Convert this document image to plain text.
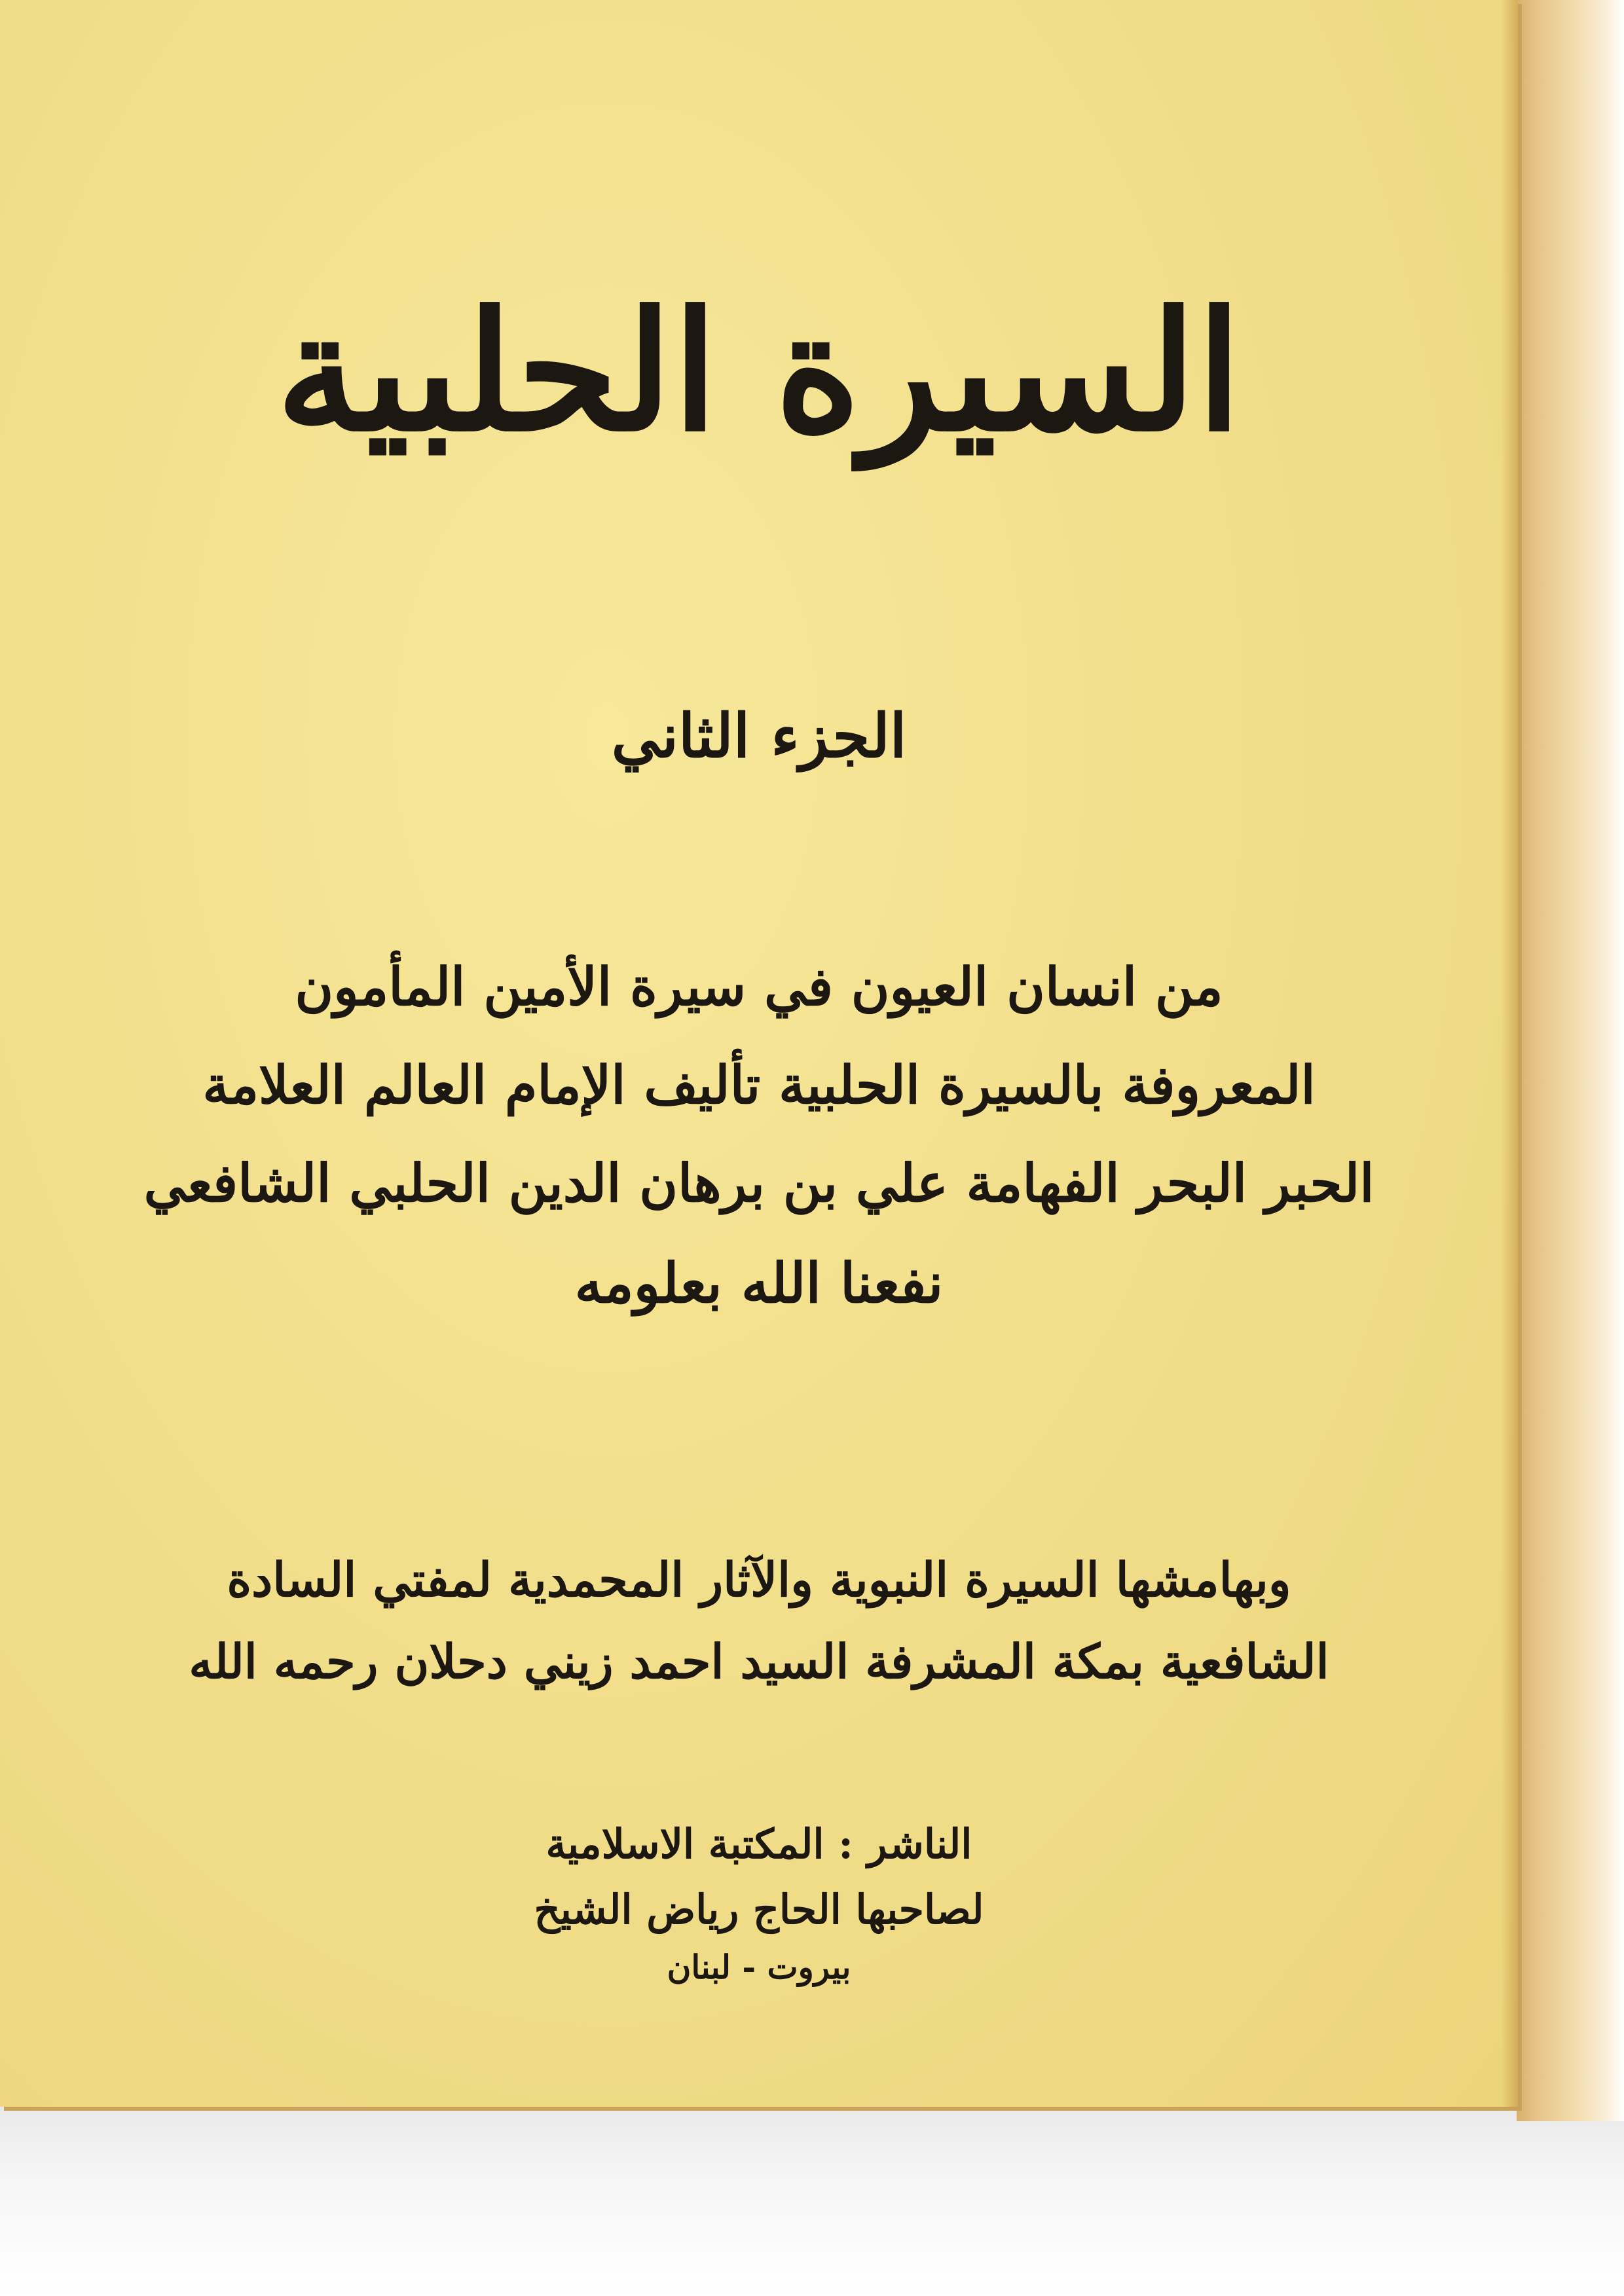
السيرة الحلبية
الجزء الثاني
من انسان العيون في سيرة الأمين المأمون
المعروفة بالسيرة الحلبية تأليف الإمام العالم العلامة
الحبر البحر الفهامة علي بن برهان الدين الحلبي الشافعي
نفعنا الله بعلومه
وبهامشها السيرة النبوية والآثار المحمدية لمفتي السادة
الشافعية بمكة المشرفة السيد احمد زيني دحلان رحمه الله
الناشر : المكتبة الاسلامية
لصاحبها الحاج رياض الشيخ
بيروت - لبنان
